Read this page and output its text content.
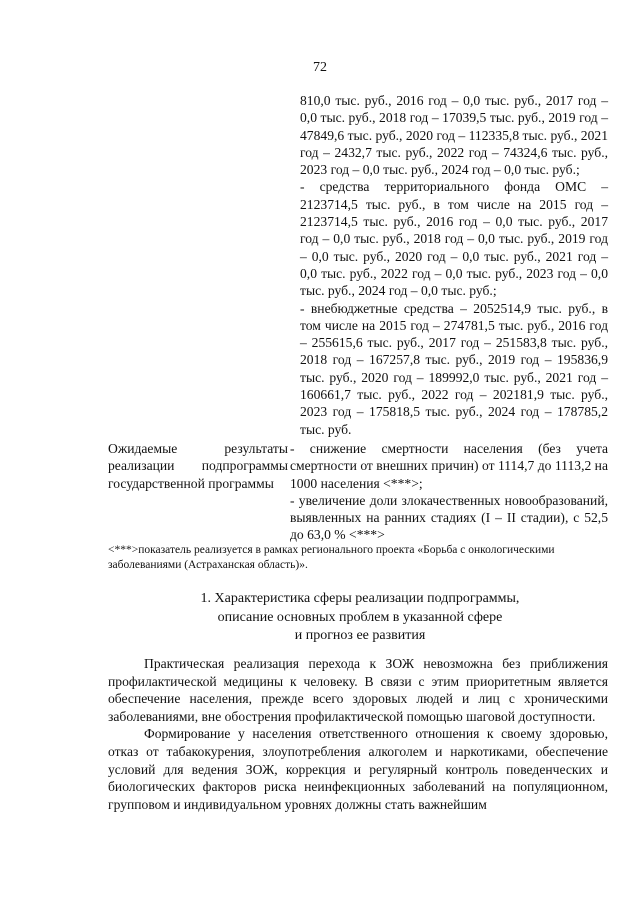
72

810,0 тыс. руб., 2016 год – 0,0 тыс. руб., 2017 год – 0,0 тыс. руб., 2018 год – 17039,5 тыс. руб., 2019 год – 47849,6 тыс. руб., 2020 год – 112335,8 тыс. руб., 2021 год – 2432,7 тыс. руб., 2022 год – 74324,6 тыс. руб., 2023 год – 0,0 тыс. руб., 2024 год – 0,0 тыс. руб.;

- средства территориального фонда ОМС – 2123714,5 тыс. руб., в том числе на 2015 год – 2123714,5 тыс. руб., 2016 год – 0,0 тыс. руб., 2017 год – 0,0 тыс. руб., 2018 год – 0,0 тыс. руб., 2019 год – 0,0 тыс. руб., 2020 год – 0,0 тыс. руб., 2021 год – 0,0 тыс. руб., 2022 год – 0,0 тыс. руб., 2023 год – 0,0 тыс. руб., 2024 год – 0,0 тыс. руб.;

- внебюджетные средства – 2052514,9 тыс. руб., в том числе на 2015 год – 274781,5 тыс. руб., 2016 год – 255615,6 тыс. руб., 2017 год – 251583,8 тыс. руб., 2018 год – 167257,8 тыс. руб., 2019 год – 195836,9 тыс. руб., 2020 год – 189992,0 тыс. руб., 2021 год – 160661,7 тыс. руб., 2022 год – 202181,9 тыс. руб., 2023 год – 175818,5 тыс. руб., 2024 год – 178785,2 тыс. руб.

Ожидаемые результаты реализации подпрограммы государственной программы

- снижение смертности населения (без учета смертности от внешних причин) от 1114,7 до 1113,2 на 1000 населения <***>;

- увеличение доли злокачественных новообразований, выявленных на ранних стадиях (I – II стадии), с 52,5 до 63,0 % <***>

<***>показатель реализуется в рамках регионального проекта «Борьба с онкологическими заболеваниями (Астраханская область)».

1. Характеристика сферы реализации подпрограммы,
описание основных проблем в указанной сфере
и прогноз ее развития

Практическая реализация перехода к ЗОЖ невозможна без приближения профилактической медицины к человеку. В связи с этим приоритетным является обеспечение населения, прежде всего здоровых людей и лиц с хроническими заболеваниями, вне обострения профилактической помощью шаговой доступности.

Формирование у населения ответственного отношения к своему здоровью, отказ от табакокурения, злоупотребления алкоголем и наркотиками, обеспечение условий для ведения ЗОЖ, коррекция и регулярный контроль поведенческих и биологических факторов риска неинфекционных заболеваний на популяционном, групповом и индивидуальном уровнях должны стать важнейшим
